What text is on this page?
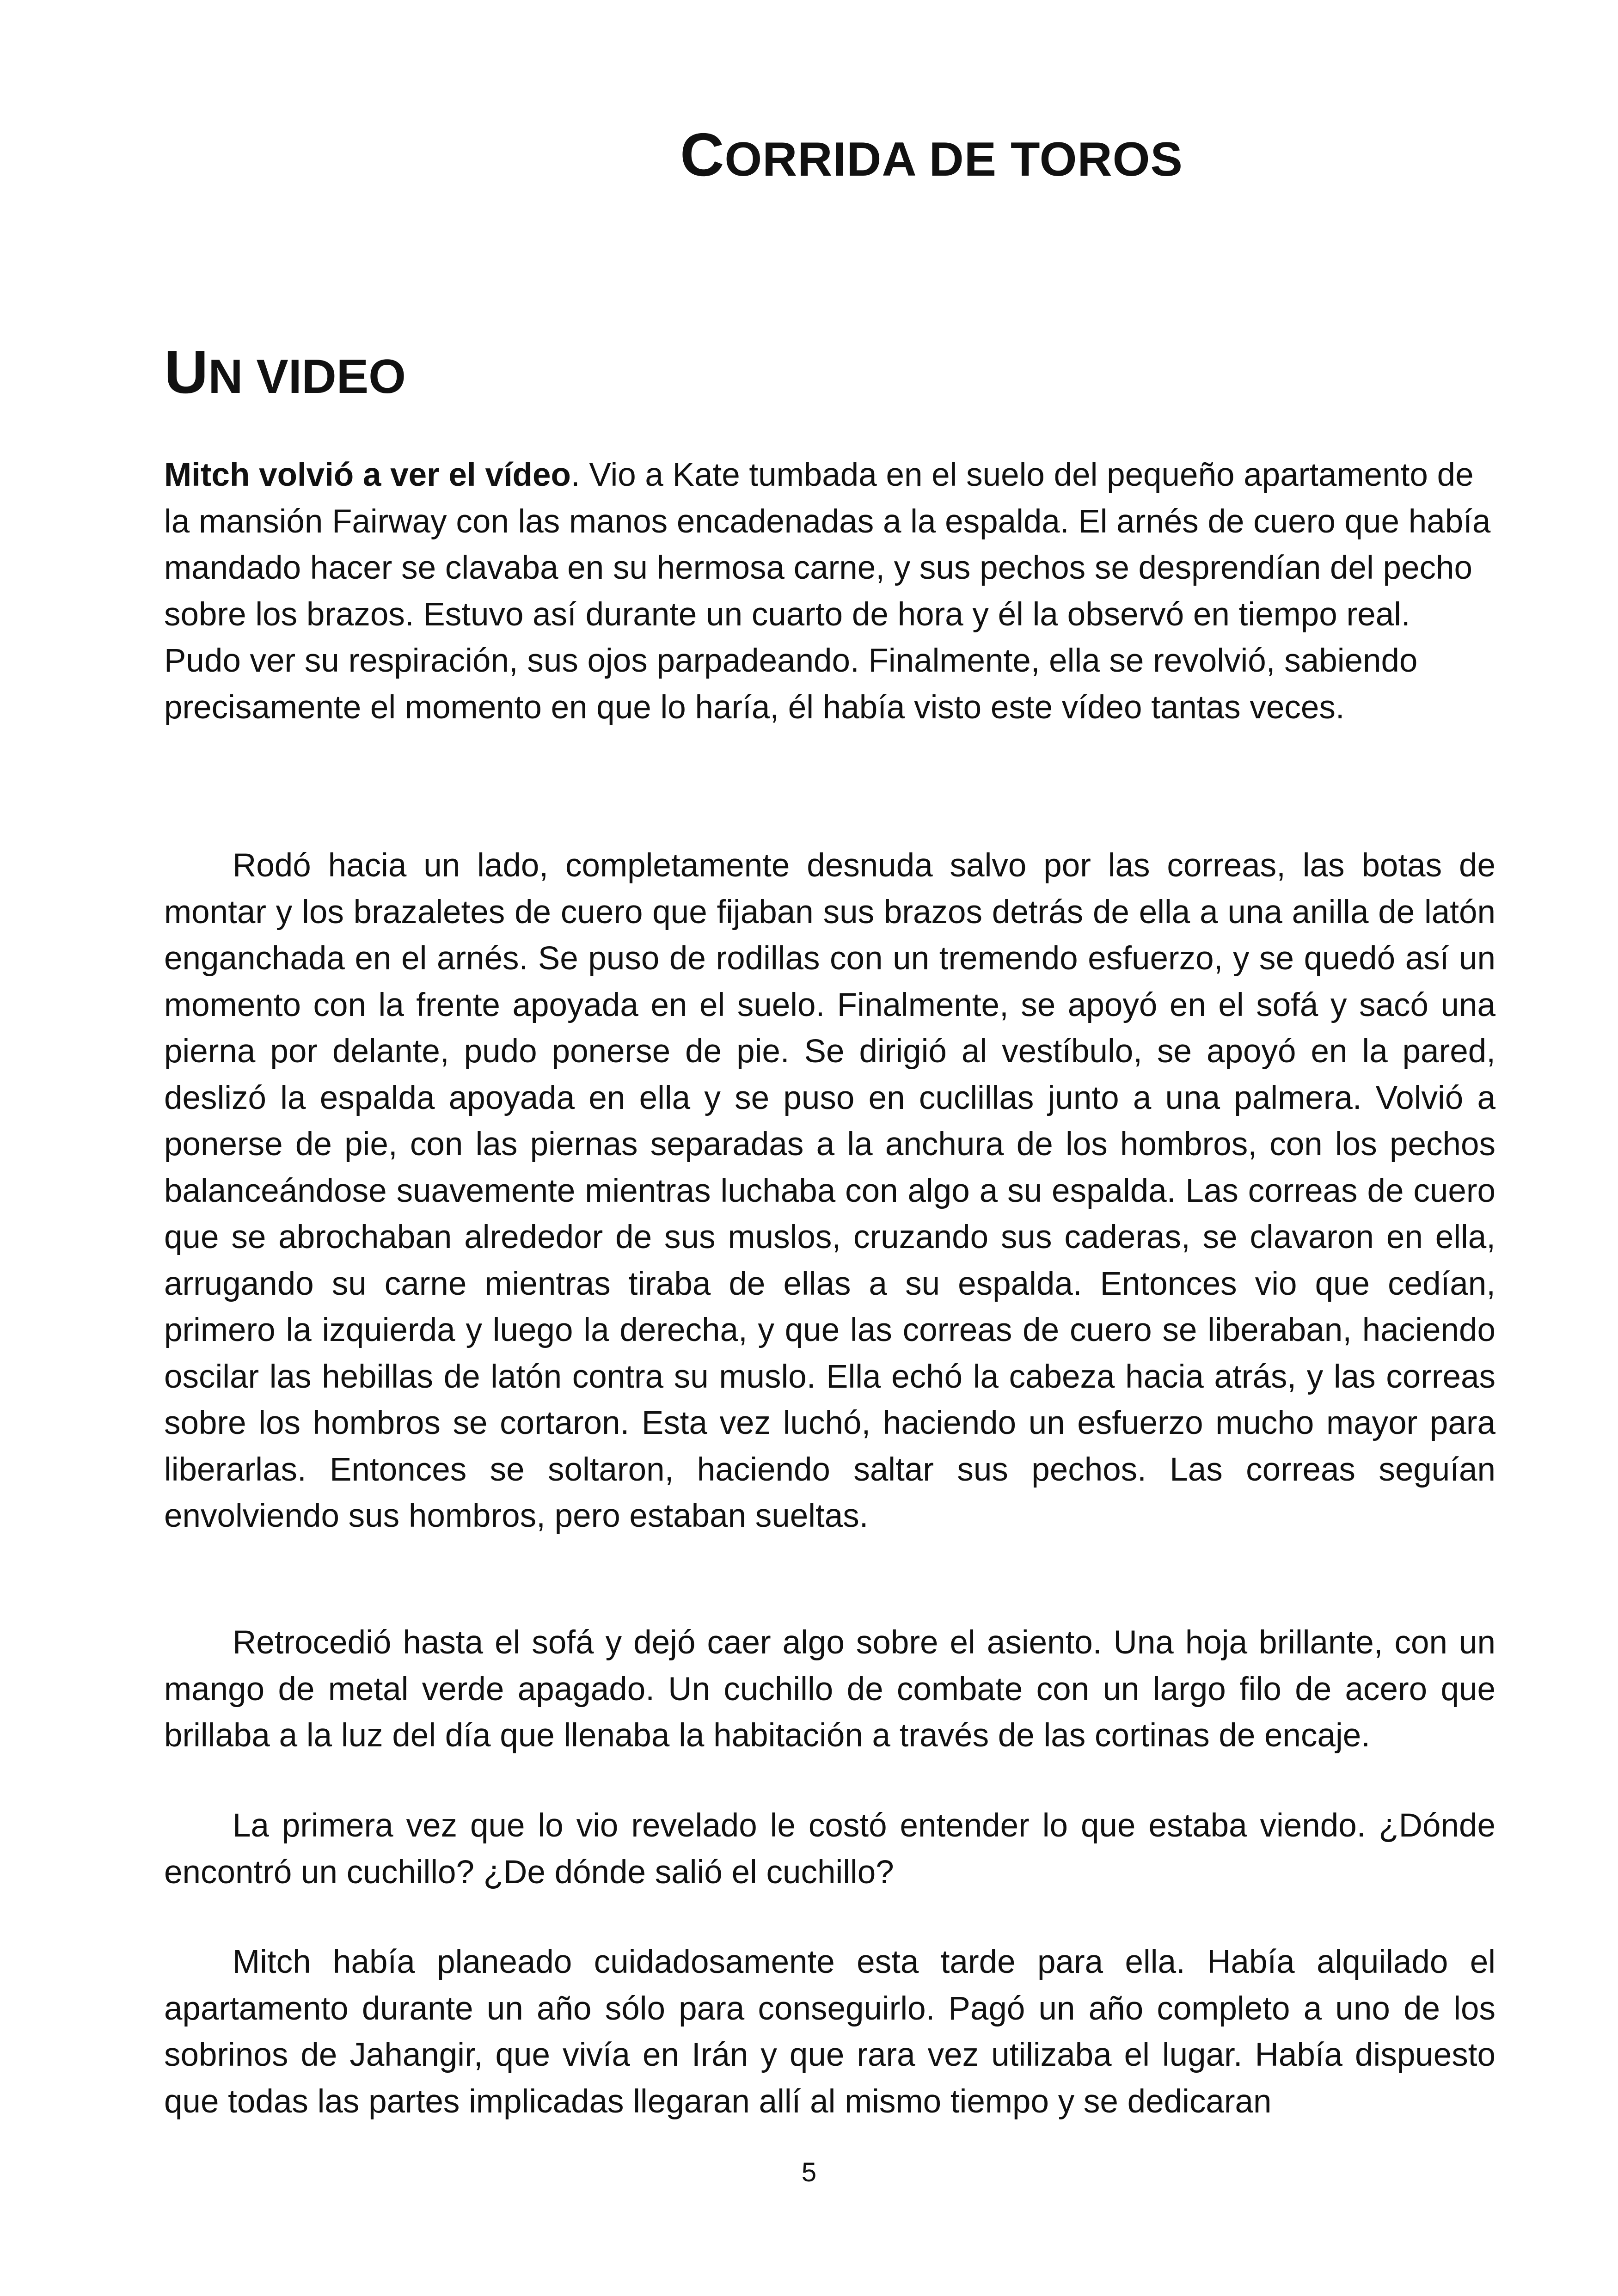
CORRIDA DE TOROS
UN VIDEO

Mitch volvió a ver el vídeo. Vio a Kate tumbada en el suelo del pequeño apartamento de la mansión Fairway con las manos encadenadas a la espalda. El arnés de cuero que había mandado hacer se clavaba en su hermosa carne, y sus pechos se desprendían del pecho sobre los brazos. Estuvo así durante un cuarto de hora y él la observó en tiempo real. Pudo ver su respiración, sus ojos parpadeando. Finalmente, ella se revolvió, sabiendo precisamente el momento en que lo haría, él había visto este vídeo tantas veces.

Rodó hacia un lado, completamente desnuda salvo por las correas, las botas de montar y los brazaletes de cuero que fijaban sus brazos detrás de ella a una anilla de latón enganchada en el arnés. Se puso de rodillas con un tremendo esfuerzo, y se quedó así un momento con la frente apoyada en el suelo. Finalmente, se apoyó en el sofá y sacó una pierna por delante, pudo ponerse de pie. Se dirigió al vestíbulo, se apoyó en la pared, deslizó la espalda apoyada en ella y se puso en cuclillas junto a una palmera. Volvió a ponerse de pie, con las piernas separadas a la anchura de los hombros, con los pechos balanceándose suavemente mientras luchaba con algo a su espalda. Las correas de cuero que se abrochaban alrededor de sus muslos, cruzando sus caderas, se clavaron en ella, arrugando su carne mientras tiraba de ellas a su espalda. Entonces vio que cedían, primero la izquierda y luego la derecha, y que las correas de cuero se liberaban, haciendo oscilar las hebillas de latón contra su muslo. Ella echó la cabeza hacia atrás, y las correas sobre los hombros se cortaron. Esta vez luchó, haciendo un esfuerzo mucho mayor para liberarlas. Entonces se soltaron, haciendo saltar sus pechos. Las correas seguían envolviendo sus hombros, pero estaban sueltas.

Retrocedió hasta el sofá y dejó caer algo sobre el asiento. Una hoja brillante, con un mango de metal verde apagado. Un cuchillo de combate con un largo filo de acero que brillaba a la luz del día que llenaba la habitación a través de las cortinas de encaje.

La primera vez que lo vio revelado le costó entender lo que estaba viendo. ¿Dónde encontró un cuchillo? ¿De dónde salió el cuchillo?

Mitch había planeado cuidadosamente esta tarde para ella. Había alquilado el apartamento durante un año sólo para conseguirlo. Pagó un año completo a uno de los sobrinos de Jahangir, que vivía en Irán y que rara vez utilizaba el lugar. Había dispuesto que todas las partes implicadas llegaran allí al mismo tiempo y se dedicaran

5
